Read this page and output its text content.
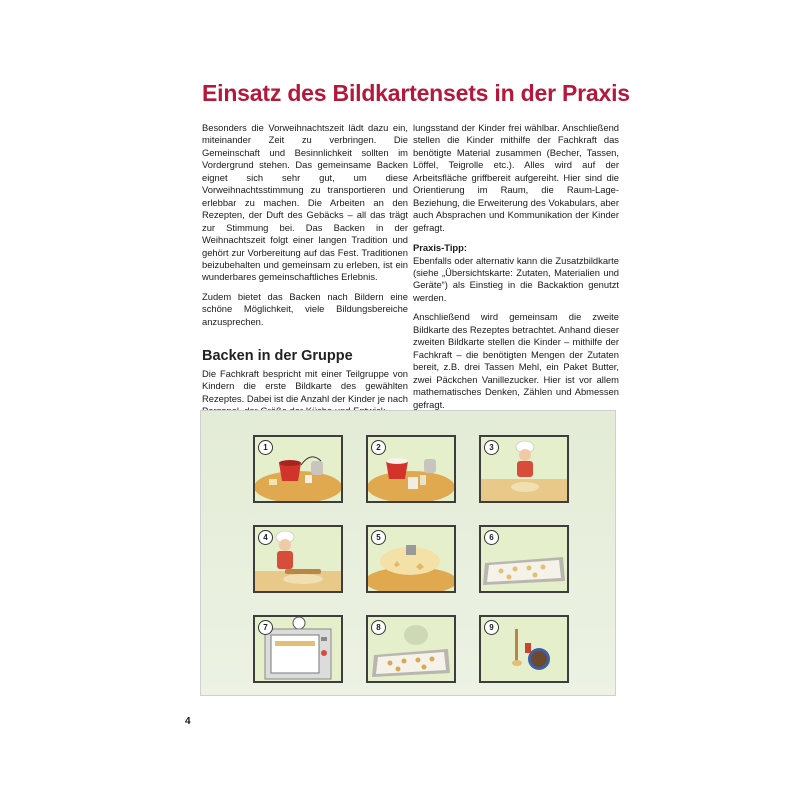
Einsatz des Bildkartensets in der Praxis

Besonders die Vorweihnachtszeit lädt dazu ein, miteinander Zeit zu verbringen. Die Gemeinschaft und Besinnlichkeit sollten im Vordergrund stehen. Das gemeinsame Backen eignet sich sehr gut, um diese Vorweihnachtsstimmung zu transportieren und erlebbar zu machen. Die Arbeiten an den Rezepten, der Duft des Gebäcks – all das trägt zur Stimmung bei. Das Backen in der Weihnachtszeit folgt einer langen Tradition und gehört zur Vorbereitung auf das Fest. Traditionen beizubehalten und gemeinsam zu erleben, ist ein wunderbares gemeinschaftliches Erlebnis.

Zudem bietet das Backen nach Bildern eine schöne Möglichkeit, viele Bildungsbereiche anzusprechen.

Backen in der Gruppe

Die Fachkraft bespricht mit einer Teilgruppe von Kindern die erste Bildkarte des gewählten Rezeptes. Dabei ist die Anzahl der Kinder je nach

lungsstand der Kinder frei wählbar. Anschließend stellen die Kinder mithilfe der Fachkraft das benötigte Material zusammen (Becher, Tassen, Löffel, Teigrolle etc.). Alles wird auf der Arbeitsfläche griffbereit aufgereiht. Hier sind die Orientierung im Raum, die Raum-Lage-Beziehung, die Erweiterung des Vokabulars, aber auch Absprachen und Kommunikation der Kinder gefragt.

Praxis-Tipp:

Ebenfalls oder alternativ kann die Zusatzbildkarte (siehe „Übersichtskarte: Zutaten, Materialien und Geräte“) als Einstieg in die Backaktion genutzt werden.

Anschließend wird gemeinsam die zweite Bildkarte des Rezeptes betrachtet. Anhand dieser zweiten Bildkarte stellen die Kinder – mithilfe der Fachkraft – die benötigten Mengen der Zutaten bereit, z.B. drei Tassen Mehl, ein Paket Butter, zwei Päckchen Vanillezucker. Hier ist vor allem mathematisches Denken, Zählen und Abmessen gefragt.

1	2	3
4	5	6
7	8	9
4
